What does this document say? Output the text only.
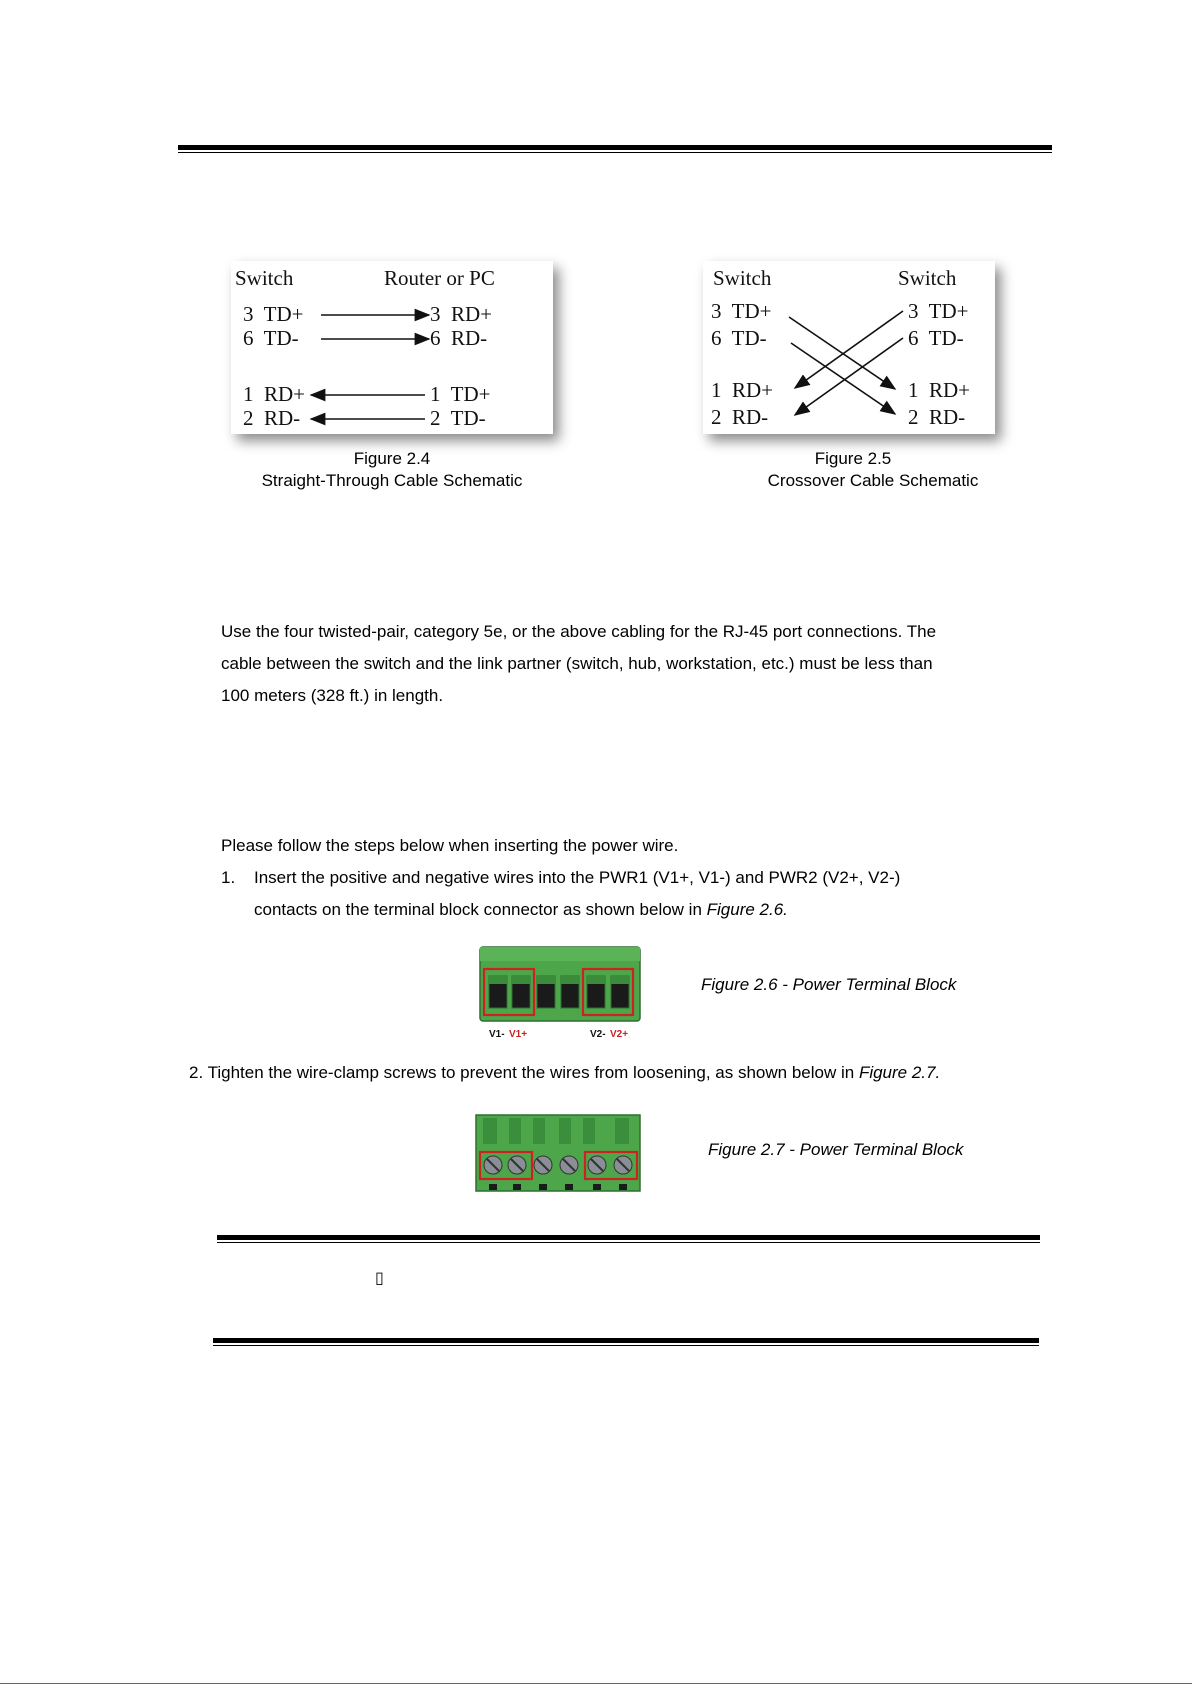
Switch	Router or PC
3  TD+	3  RD+
6  TD-	6  RD-
1  RD+	1  TD+
2  RD-	2  TD-
Figure 2.4
Straight-Through Cable Schematic
Switch	Switch
3  TD+	3  TD+
6  TD-	6  TD-
1  RD+	1  RD+
2  RD-	2  RD-
Figure 2.5
Crossover Cable Schematic
Use the four twisted-pair, category 5e, or the above cabling for the RJ-45 port connections. The
cable between the switch and the link partner (switch, hub, workstation, etc.) must be less than
100 meters (328 ft.) in length.
Please follow the steps below when inserting the power wire.
1. Insert the positive and negative wires into the PWR1 (V1+, V1-) and PWR2 (V2+, V2-)
contacts on the terminal block connector as shown below in Figure 2.6.
V1- V1+	V2- V2+
Figure 2.6 - Power Terminal Block
2. Tighten the wire-clamp screws to prevent the wires from loosening, as shown below in Figure 2.7.
Figure 2.7 - Power Terminal Block
▯
